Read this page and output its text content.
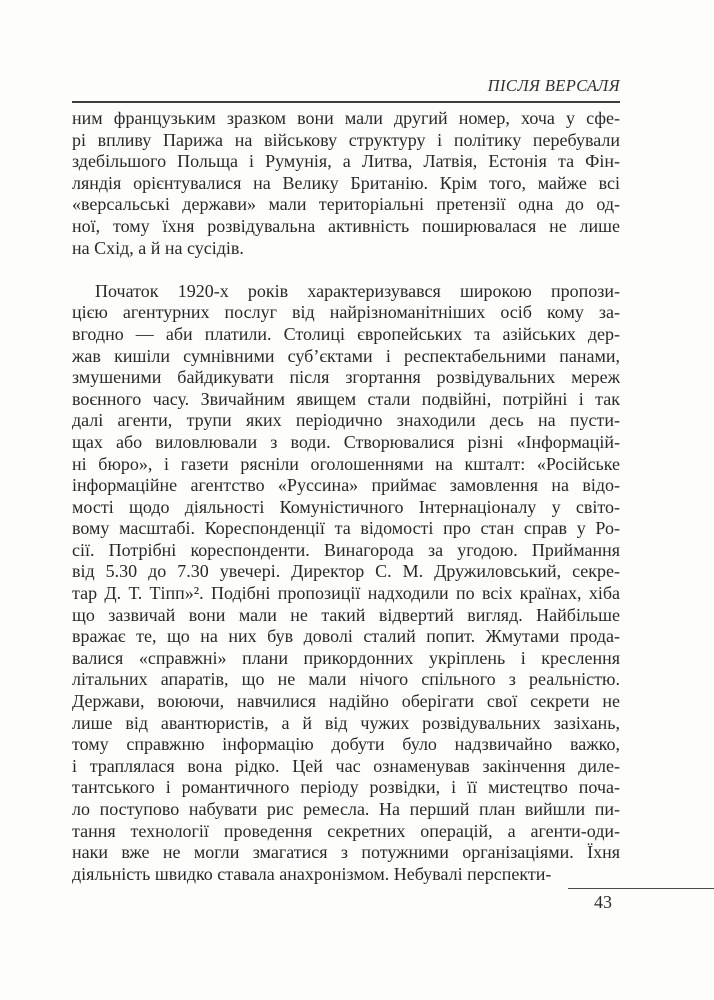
ПІСЛЯ ВЕРСАЛЯ
ним французьким зразком вони мали другий номер, хоча у сфе-
рі впливу Парижа на військову структуру і політику перебували
здебільшого Польща і Румунія, а Литва, Латвія, Естонія та Фін-
ляндія орієнтувалися на Велику Британію. Крім того, майже всі
«версальські держави» мали територіальні претензії одна до од-
ної, тому їхня розвідувальна активність поширювалася не лише
на Схід, а й на сусідів.
Початок 1920-х років характеризувався широкою пропози-
цією агентурних послуг від найрізноманітніших осіб кому за-
вгодно — аби платили. Столиці європейських та азійських дер-
жав кишіли сумнівними суб’єктами і респектабельними панами,
змушеними байдикувати після згортання розвідувальних мереж
воєнного часу. Звичайним явищем стали подвійні, потрійні і так
далі агенти, трупи яких періодично знаходили десь на пусти-
щах або виловлювали з води. Створювалися різні «Інформацій-
ні бюро», і газети рясніли оголошеннями на кшталт: «Російське
інформаційне агентство «Руссина» приймає замовлення на відо-
мості щодо діяльності Комуністичного Інтернаціоналу у світо-
вому масштабі. Кореспонденції та відомості про стан справ у Ро-
сії. Потрібні кореспонденти. Винагорода за угодою. Приймання
від 5.30 до 7.30 увечері. Директор С. М. Дружиловський, секре-
тар Д. Т. Тіпп»². Подібні пропозиції надходили по всіх країнах, хіба
що зазвичай вони мали не такий відвертий вигляд. Найбільше
вражає те, що на них був доволі сталий попит. Жмутами прода-
валися «справжні» плани прикордонних укріплень і креслення
літальних апаратів, що не мали нічого спільного з реальністю.
Держави, воюючи, навчилися надійно оберігати свої секрети не
лише від авантюристів, а й від чужих розвідувальних зазіхань,
тому справжню інформацію добути було надзвичайно важко,
і траплялася вона рідко. Цей час ознаменував закінчення диле-
тантського і романтичного періоду розвідки, і її мистецтво поча-
ло поступово набувати рис ремесла. На перший план вийшли пи-
тання технології проведення секретних операцій, а агенти-оди-
наки вже не могли змагатися з потужними організаціями. Їхня
діяльність швидко ставала анахронізмом. Небувалі перспекти-
43
